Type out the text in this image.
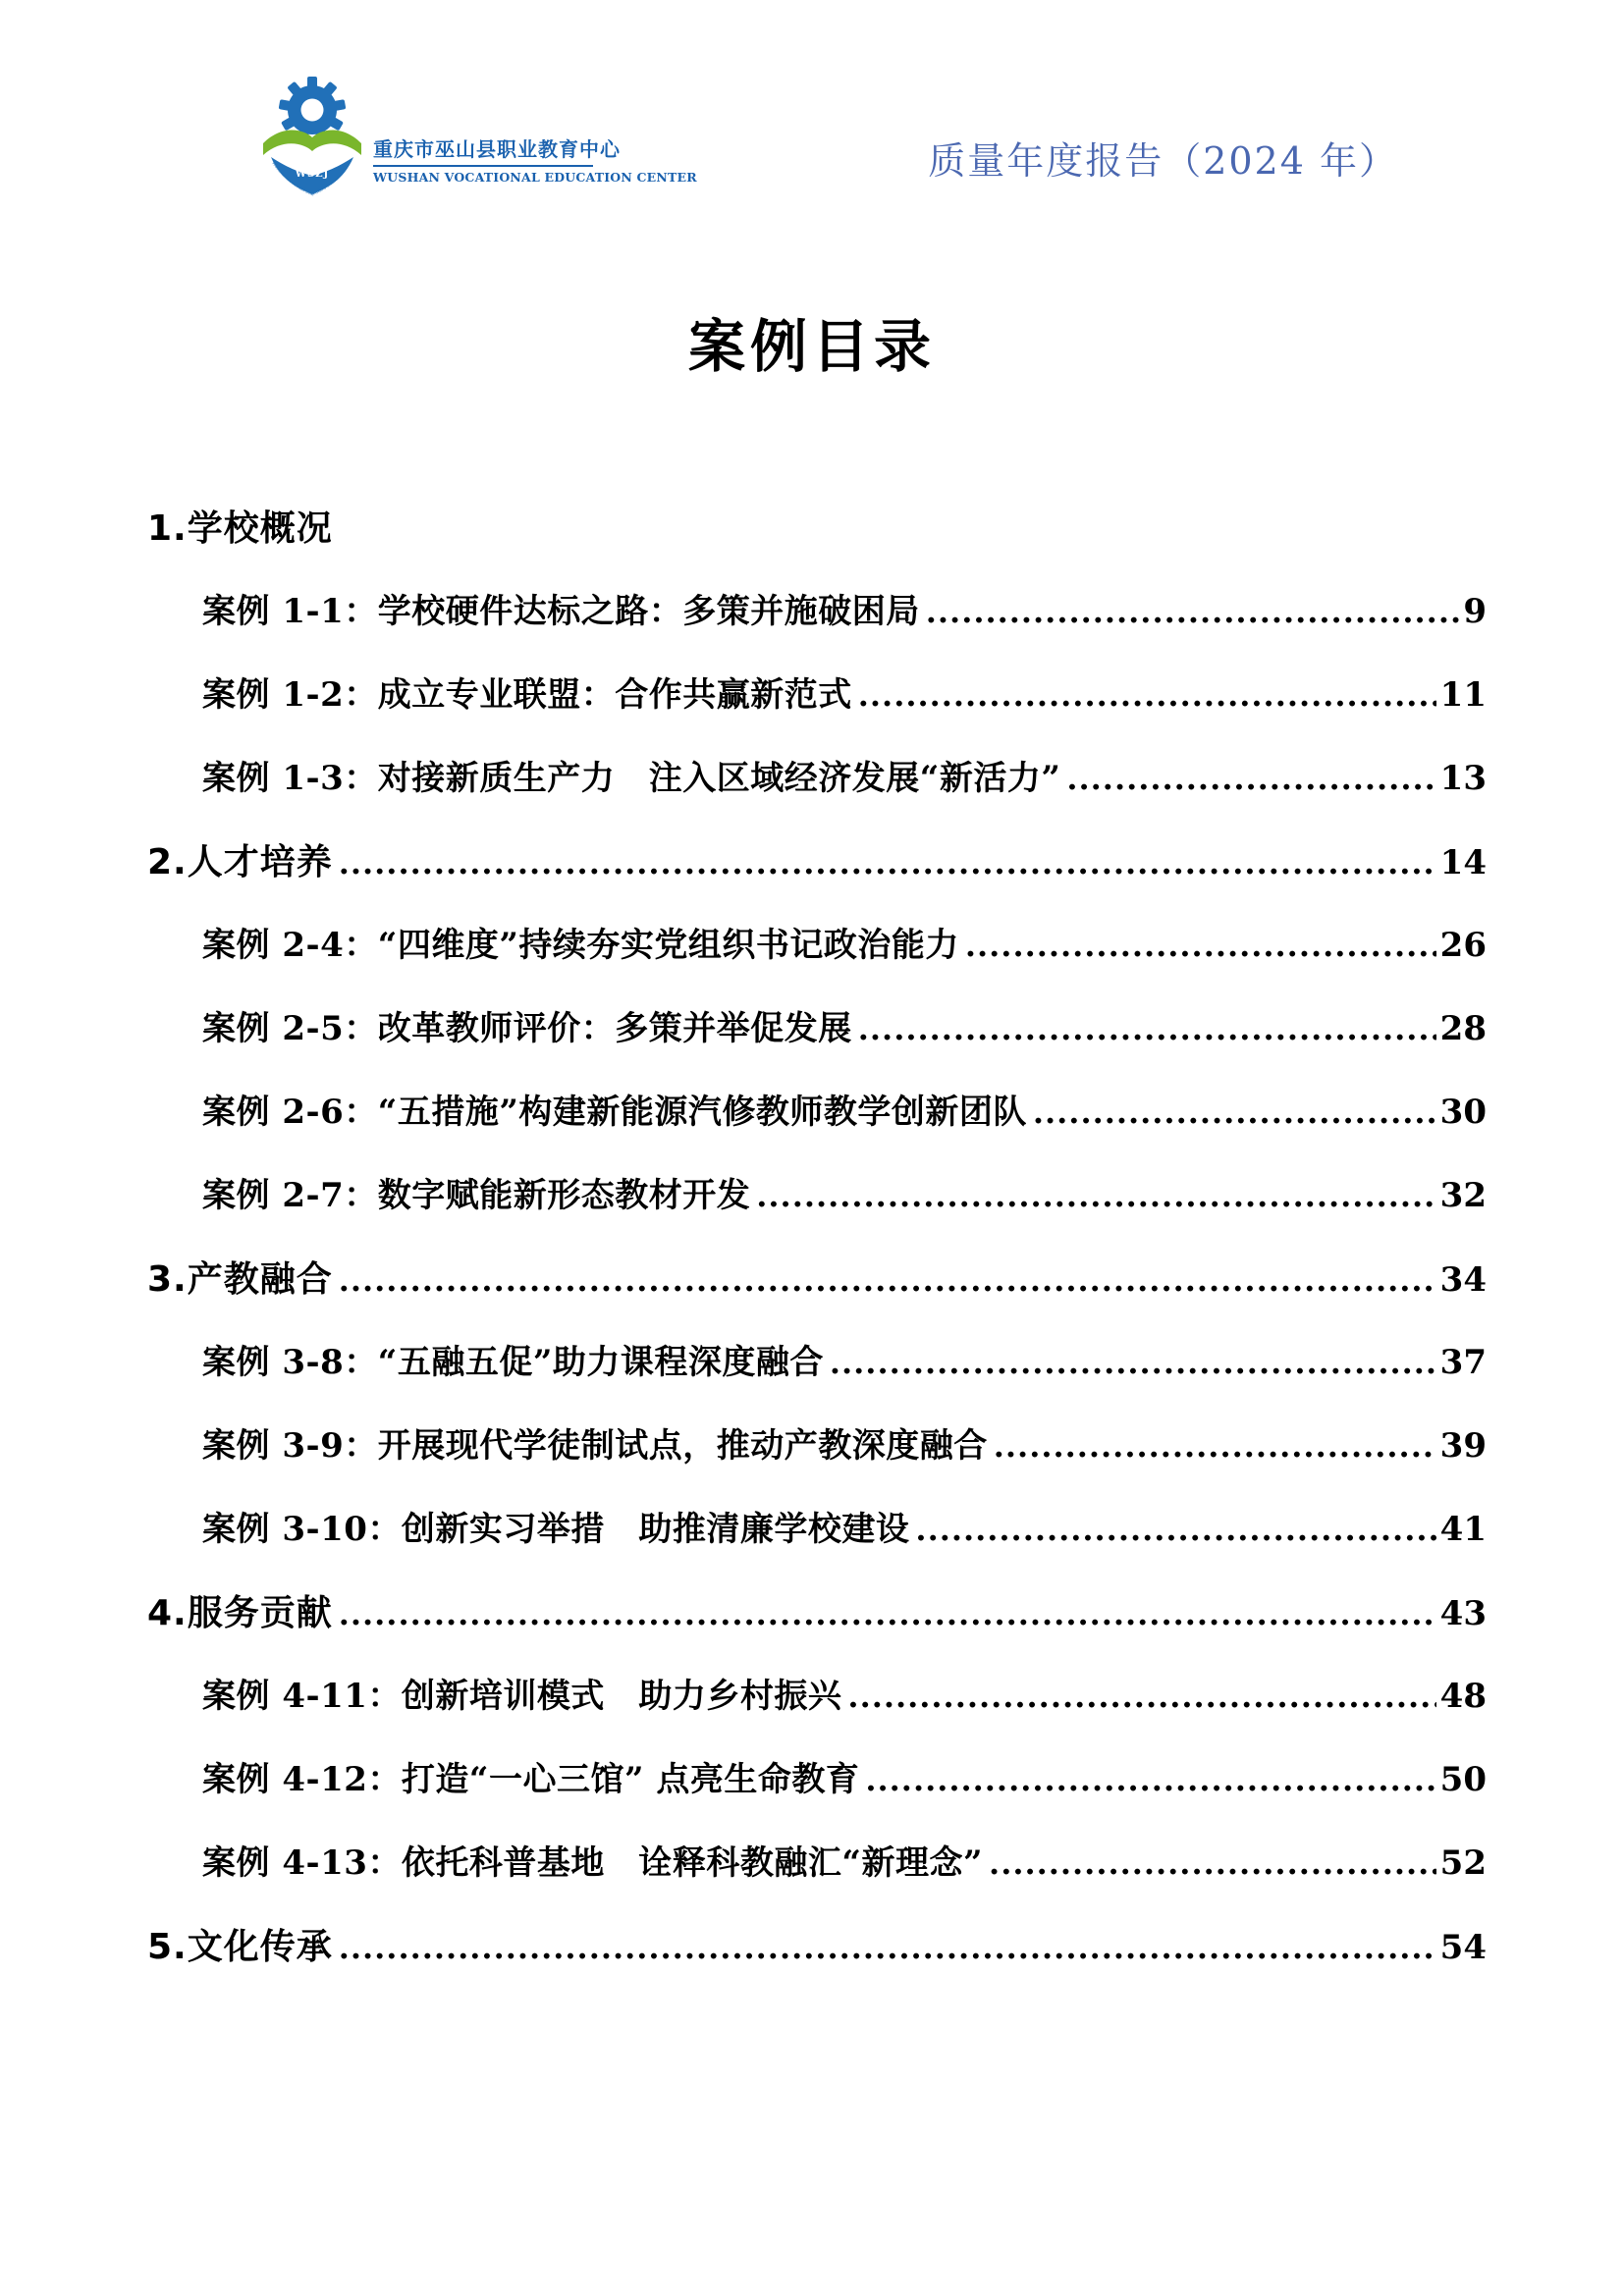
WSZJ
Wushan Vocational Education Center
重庆市巫山县职业教育中心
WUSHAN VOCATIONAL EDUCATION CENTER	质量年度报告（2024 年）
案例目录
1.学校概况
案例 1-1：学校硬件达标之路：多策并施破困局 .....	9
案例 1-2：成立专业联盟：合作共赢新范式 .....	11
案例 1-3：对接新质生产力　注入区域经济发展“新活力” .....	13
2.人才培养 .....	14
案例 2-4：“四维度”持续夯实党组织书记政治能力 .....	26
案例 2-5：改革教师评价：多策并举促发展 .....	28
案例 2-6：“五措施”构建新能源汽修教师教学创新团队 .....	30
案例 2-7：数字赋能新形态教材开发 .....	32
3.产教融合 .....	34
案例 3-8：“五融五促”助力课程深度融合 .....	37
案例 3-9：开展现代学徒制试点，推动产教深度融合 .....	39
案例 3-10：创新实习举措　助推清廉学校建设 .....	41
4.服务贡献 .....	43
案例 4-11：创新培训模式　助力乡村振兴 .....	48
案例 4-12：打造“一心三馆” 点亮生命教育 .....	50
案例 4-13：依托科普基地　诠释科教融汇“新理念” .....	52
5.文化传承 .....	54
